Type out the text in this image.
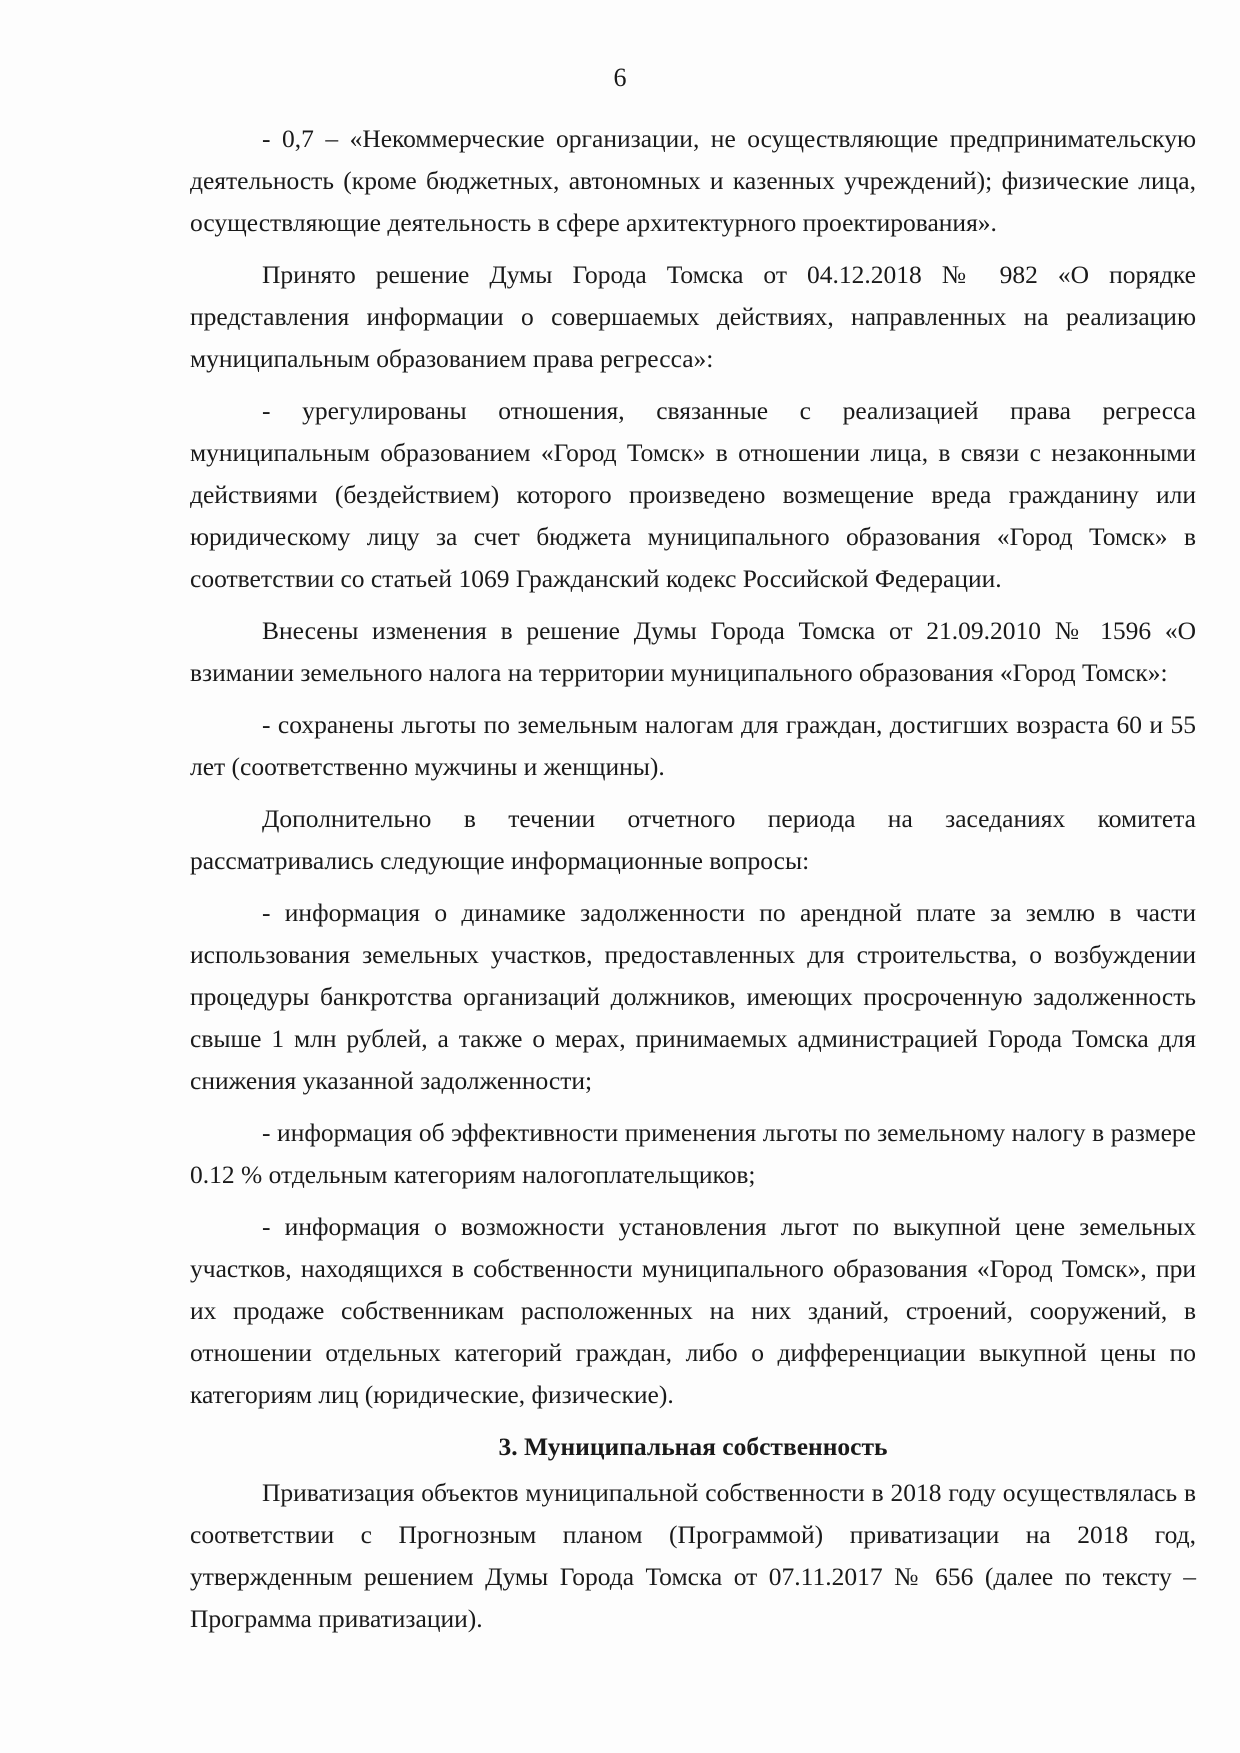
6

- 0,7 – «Некоммерческие организации, не осуществляющие предпринимательскую деятельность (кроме бюджетных, автономных и казенных учреждений); физические лица, осуществляющие деятельность в сфере архитектурного проектирования».

Принято решение Думы Города Томска от 04.12.2018 № 982 «О порядке представления информации о совершаемых действиях, направленных на реализацию муниципальным образованием права регресса»:

- урегулированы отношения, связанные с реализацией права регресса муниципальным образованием «Город Томск» в отношении лица, в связи с незаконными действиями (бездействием) которого произведено возмещение вреда гражданину или юридическому лицу за счет бюджета муниципального образования «Город Томск» в соответствии со статьей 1069 Гражданский кодекс Российской Федерации.

Внесены изменения в решение Думы Города Томска от 21.09.2010 № 1596 «О взимании земельного налога на территории муниципального образования «Город Томск»:

- сохранены льготы по земельным налогам для граждан, достигших возраста 60 и 55 лет (соответственно мужчины и женщины).

Дополнительно в течении отчетного периода на заседаниях комитета рассматривались следующие информационные вопросы:

- информация о динамике задолженности по арендной плате за землю в части использования земельных участков, предоставленных для строительства, о возбуждении процедуры банкротства организаций должников, имеющих просроченную задолженность свыше 1 млн рублей, а также о мерах, принимаемых администрацией Города Томска для снижения указанной задолженности;

- информация об эффективности применения льготы по земельному налогу в размере 0.12 % отдельным категориям налогоплательщиков;

- информация о возможности установления льгот по выкупной цене земельных участков, находящихся в собственности муниципального образования «Город Томск», при их продаже собственникам расположенных на них зданий, строений, сооружений, в отношении отдельных категорий граждан, либо о дифференциации выкупной цены по категориям лиц (юридические, физические).

3. Муниципальная собственность

Приватизация объектов муниципальной собственности в 2018 году осуществлялась в соответствии с Прогнозным планом (Программой) приватизации на 2018 год, утвержденным решением Думы Города Томска от 07.11.2017 № 656 (далее по тексту – Программа приватизации).
